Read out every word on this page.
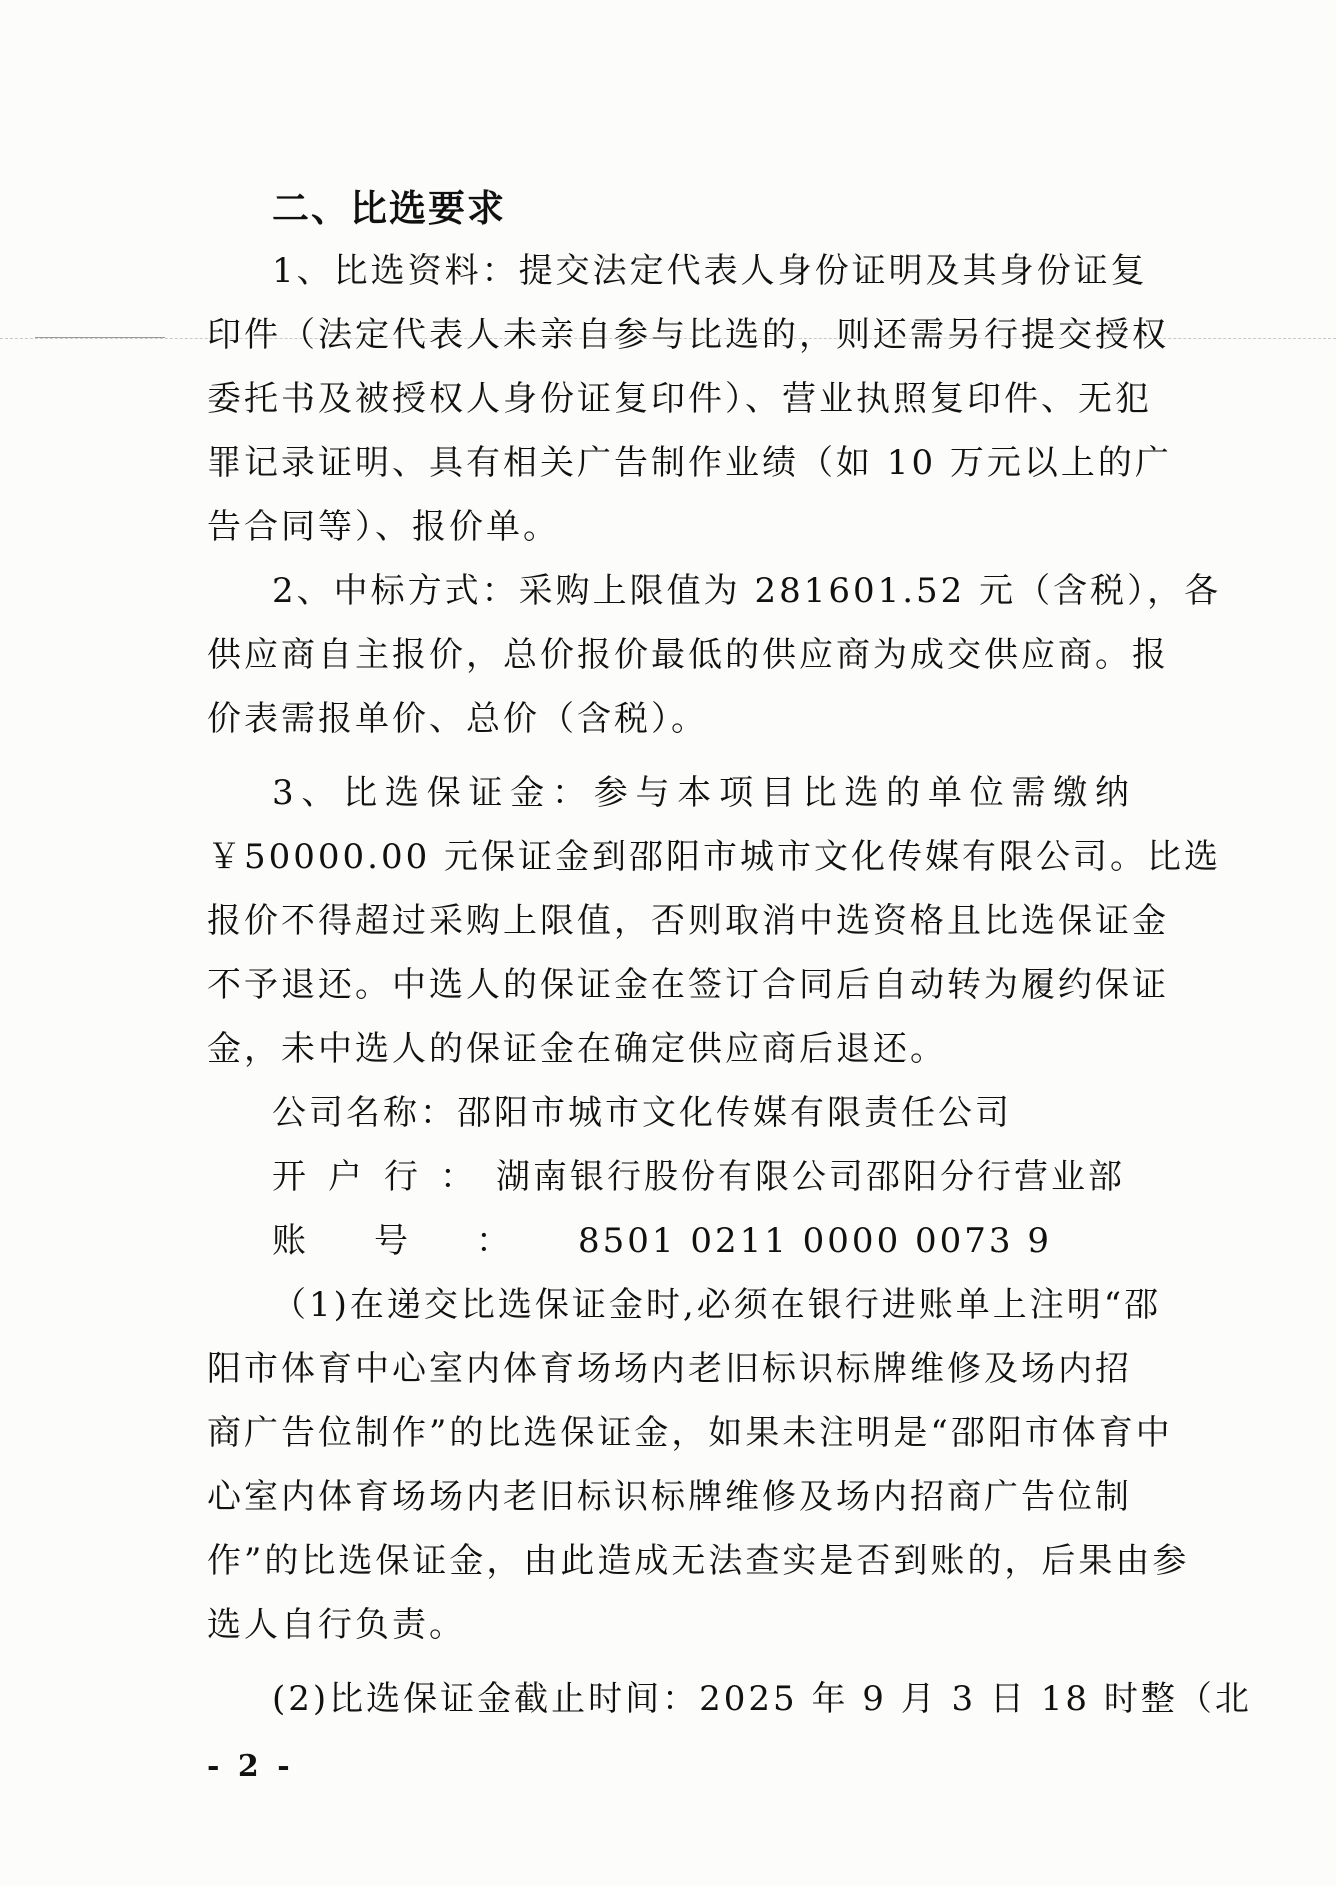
二、比选要求
1、比选资料：提交法定代表人身份证明及其身份证复
印件（法定代表人未亲自参与比选的，则还需另行提交授权
委托书及被授权人身份证复印件）、营业执照复印件、无犯
罪记录证明、具有相关广告制作业绩（如 10 万元以上的广
告合同等）、报价单。
2、中标方式：采购上限值为 281601.52 元（含税），各
供应商自主报价，总价报价最低的供应商为成交供应商。报
价表需报单价、总价（含税）。
3、比选保证金：参与本项目比选的单位需缴纳
￥50000.00 元保证金到邵阳市城市文化传媒有限公司。比选
报价不得超过采购上限值，否则取消中选资格且比选保证金
不予退还。中选人的保证金在签订合同后自动转为履约保证
金，未中选人的保证金在确定供应商后退还。
公司名称：邵阳市城市文化传媒有限责任公司
开户行：湖南银行股份有限公司邵阳分行营业部
账号：8501 0211 0000 0073 9
（1)在递交比选保证金时,必须在银行进账单上注明“邵
阳市体育中心室内体育场场内老旧标识标牌维修及场内招
商广告位制作”的比选保证金，如果未注明是“邵阳市体育中
心室内体育场场内老旧标识标牌维修及场内招商广告位制
作”的比选保证金，由此造成无法查实是否到账的，后果由参
选人自行负责。
(2)比选保证金截止时间：2025 年 9 月 3 日 18 时整（北
- 2 -
